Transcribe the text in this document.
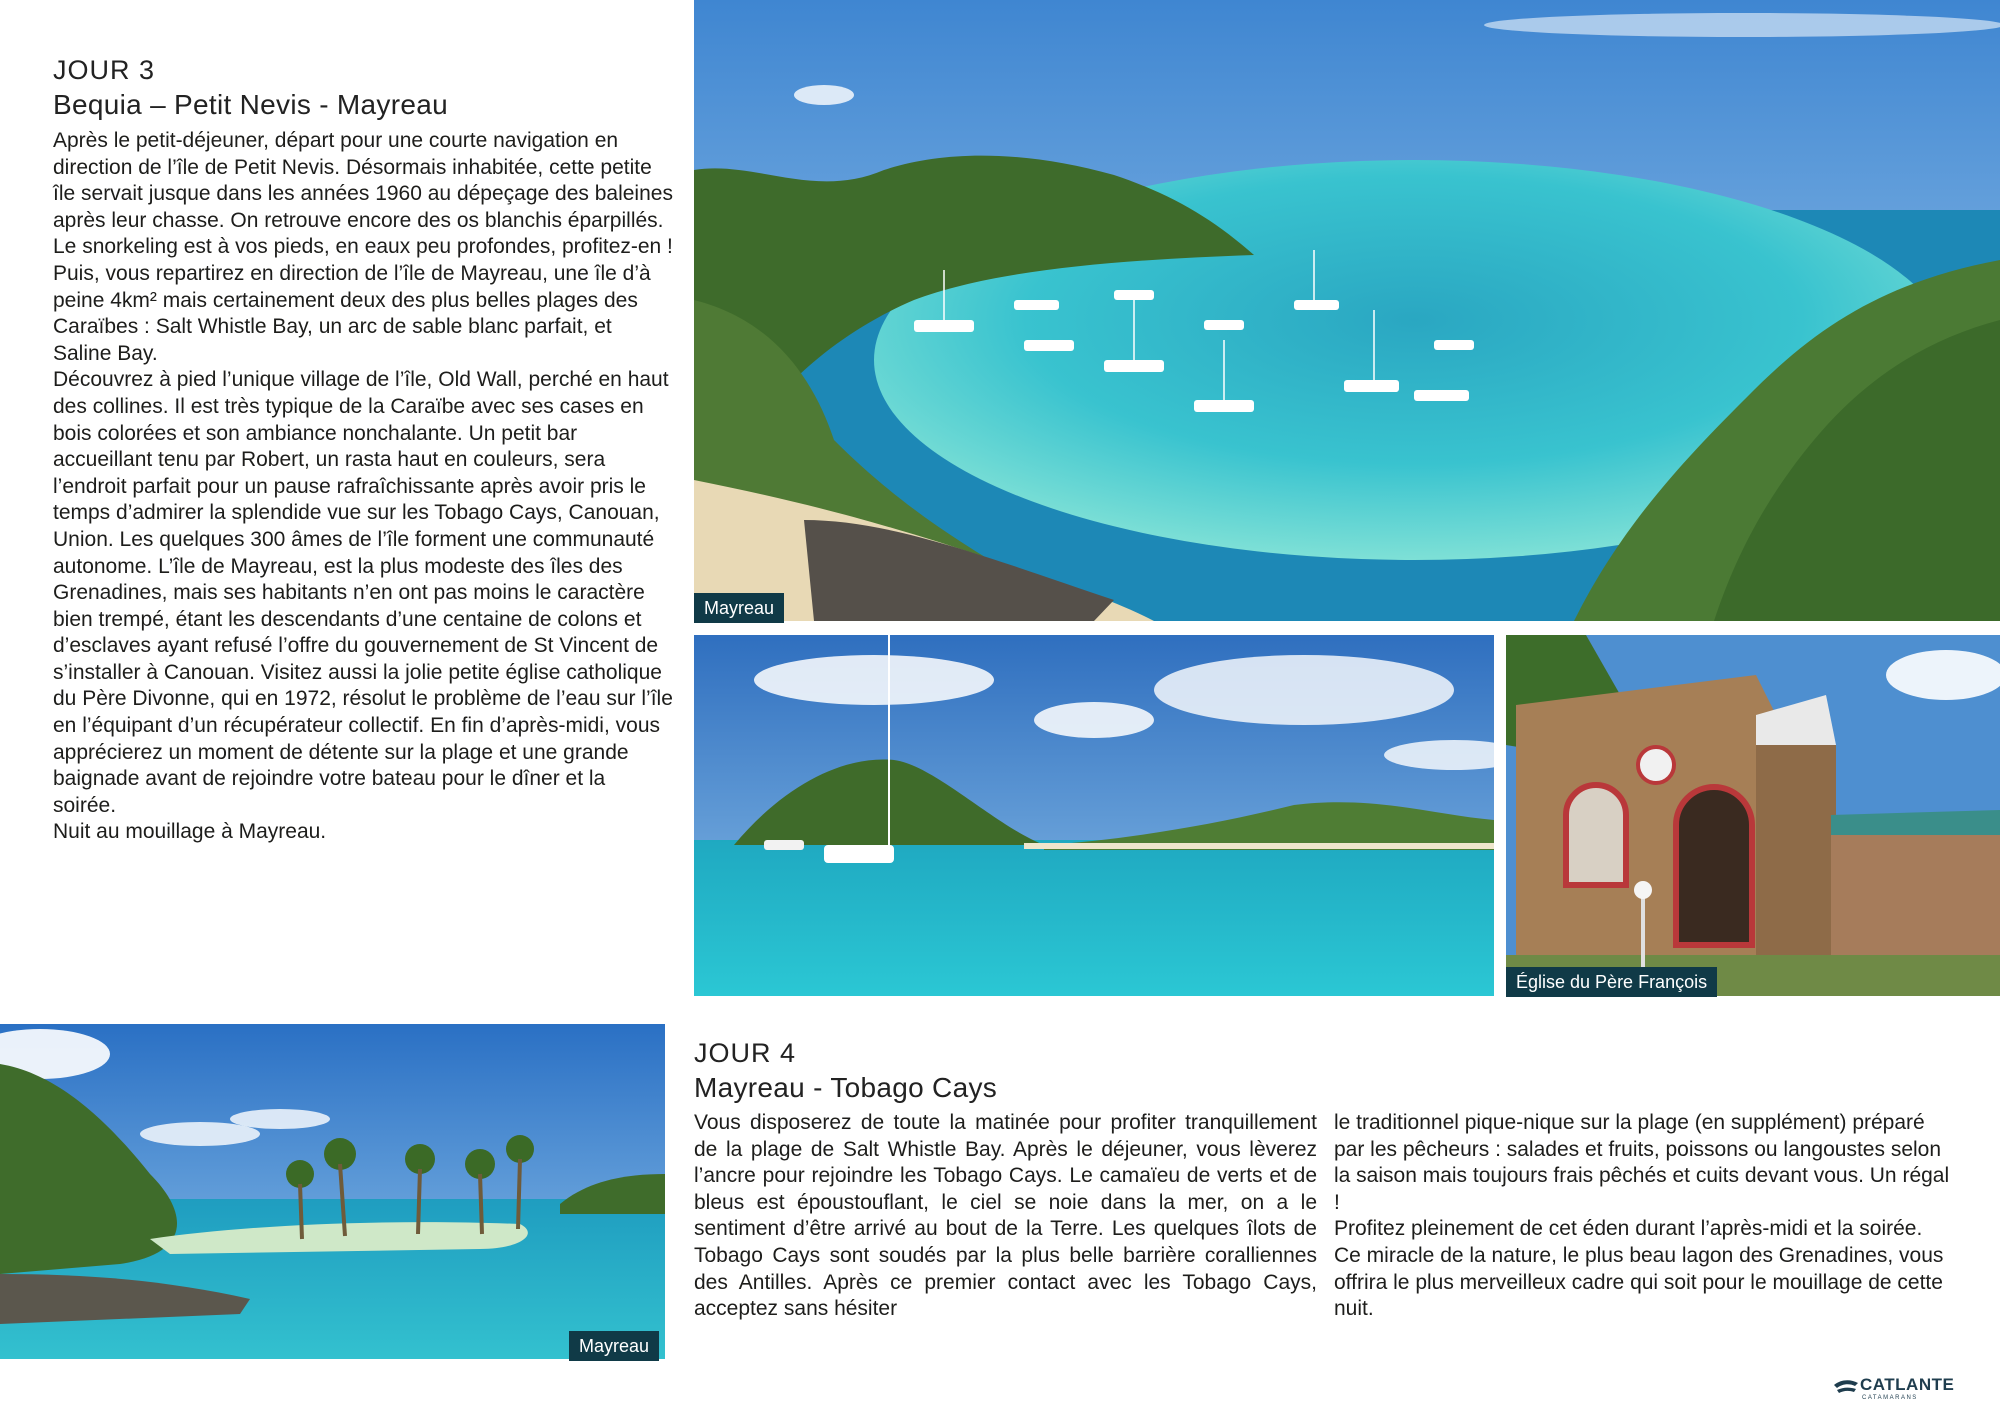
JOUR 3
Bequia – Petit Nevis - Mayreau

Après le petit-déjeuner, départ pour une courte navigation en direction de l’île de Petit Nevis. Désormais inhabitée, cette petite île servait jusque dans les années 1960 au dépeçage des baleines après leur chasse. On retrouve encore des os blanchis éparpillés. Le snorkeling est à vos pieds, en eaux peu profondes, profitez-en !

Puis, vous repartirez en direction de l’île de Mayreau, une île d’à peine 4km² mais certainement deux des plus belles plages des Caraïbes : Salt Whistle Bay, un arc de sable blanc parfait, et Saline Bay.

Découvrez à pied l’unique village de l’île, Old Wall, perché en haut des collines. Il est très typique de la Caraïbe avec ses cases en bois colorées et son ambiance nonchalante. Un petit bar accueillant tenu par Robert, un rasta haut en couleurs, sera l’endroit parfait pour un pause rafraîchissante après avoir pris le temps d’admirer la splendide vue sur les Tobago Cays, Canouan, Union. Les quelques 300 âmes de l’île forment une communauté autonome. L’île de Mayreau, est la plus modeste des îles des Grenadines, mais ses habitants n’en ont pas moins le caractère bien trempé, étant les descendants d’une centaine de colons et d’esclaves ayant refusé l’offre du gouvernement de St Vincent de s’installer à Canouan. Visitez aussi la jolie petite église catholique du Père Divonne, qui en 1972, résolut le problème de l’eau sur l’île en l’équipant d’un récupérateur collectif. En fin d’après-midi, vous apprécierez un moment de détente sur la plage et une grande baignade avant de rejoindre votre bateau pour le dîner et la soirée.

Nuit au mouillage à Mayreau.

Mayreau
Église du Père François
Mayreau
JOUR 4
Mayreau - Tobago Cays

Vous disposerez de toute la matinée pour profiter tranquillement de la plage de Salt Whistle Bay. Après le déjeuner, vous lèverez l’ancre pour rejoindre les Tobago Cays. Le camaïeu de verts et de bleus est époustouflant, le ciel se noie dans la mer, on a le sentiment d’être arrivé au bout de la Terre. Les quelques îlots de Tobago Cays sont soudés par la plus belle barrière coralliennes des Antilles. Après ce premier contact avec les Tobago Cays, acceptez sans hésiter

le traditionnel pique-nique sur la plage (en supplément) préparé par les pêcheurs : salades et fruits, poissons ou langoustes selon la saison mais toujours frais pêchés et cuits devant vous. Un régal !

Profitez pleinement de cet éden durant l’après-midi et la soirée. Ce miracle de la nature, le plus beau lagon des Grenadines, vous offrira le plus merveilleux cadre qui soit pour le mouillage de cette nuit.

CATLANTE
CATAMARANS
